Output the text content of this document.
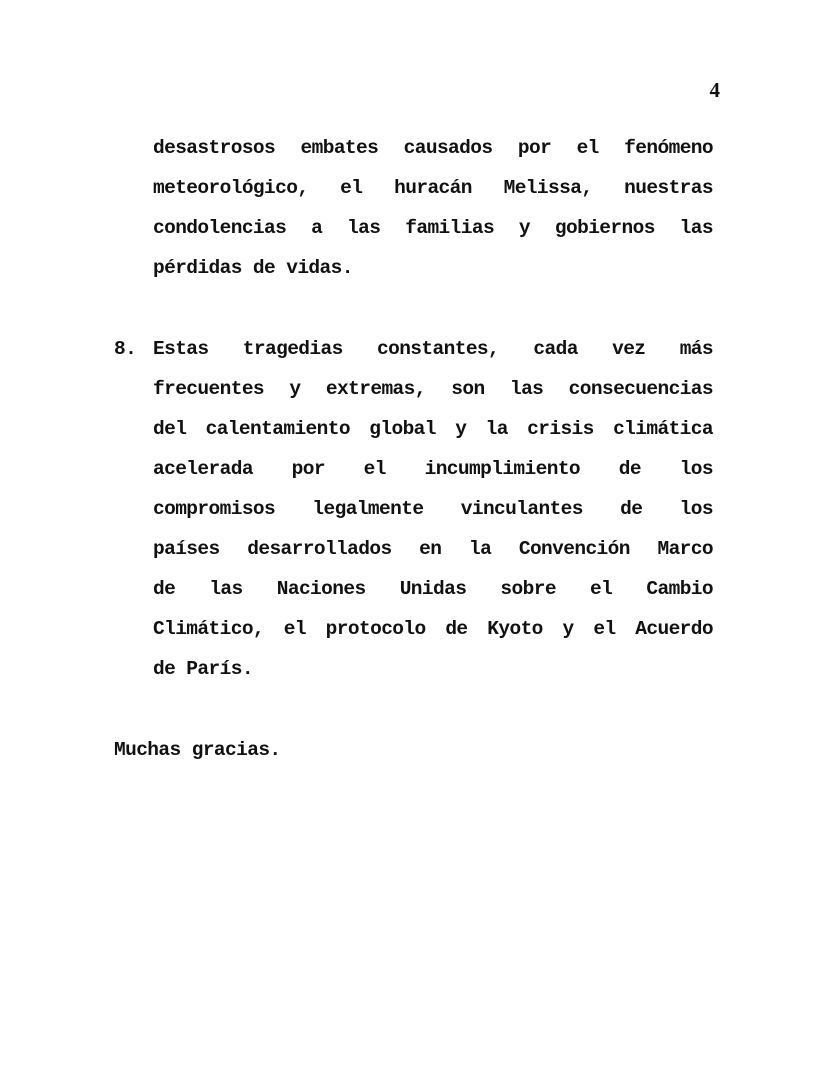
4
desastrosos embates causados por el fenómeno
meteorológico, el huracán Melissa, nuestras
condolencias a las familias y gobiernos las
pérdidas de vidas.
8. Estas tragedias constantes, cada vez más
frecuentes y extremas, son las consecuencias
del calentamiento global y la crisis climática
acelerada por el incumplimiento de los
compromisos legalmente vinculantes de los
países desarrollados en la Convención Marco
de las Naciones Unidas sobre el Cambio
Climático, el protocolo de Kyoto y el Acuerdo
de París.
Muchas gracias.
